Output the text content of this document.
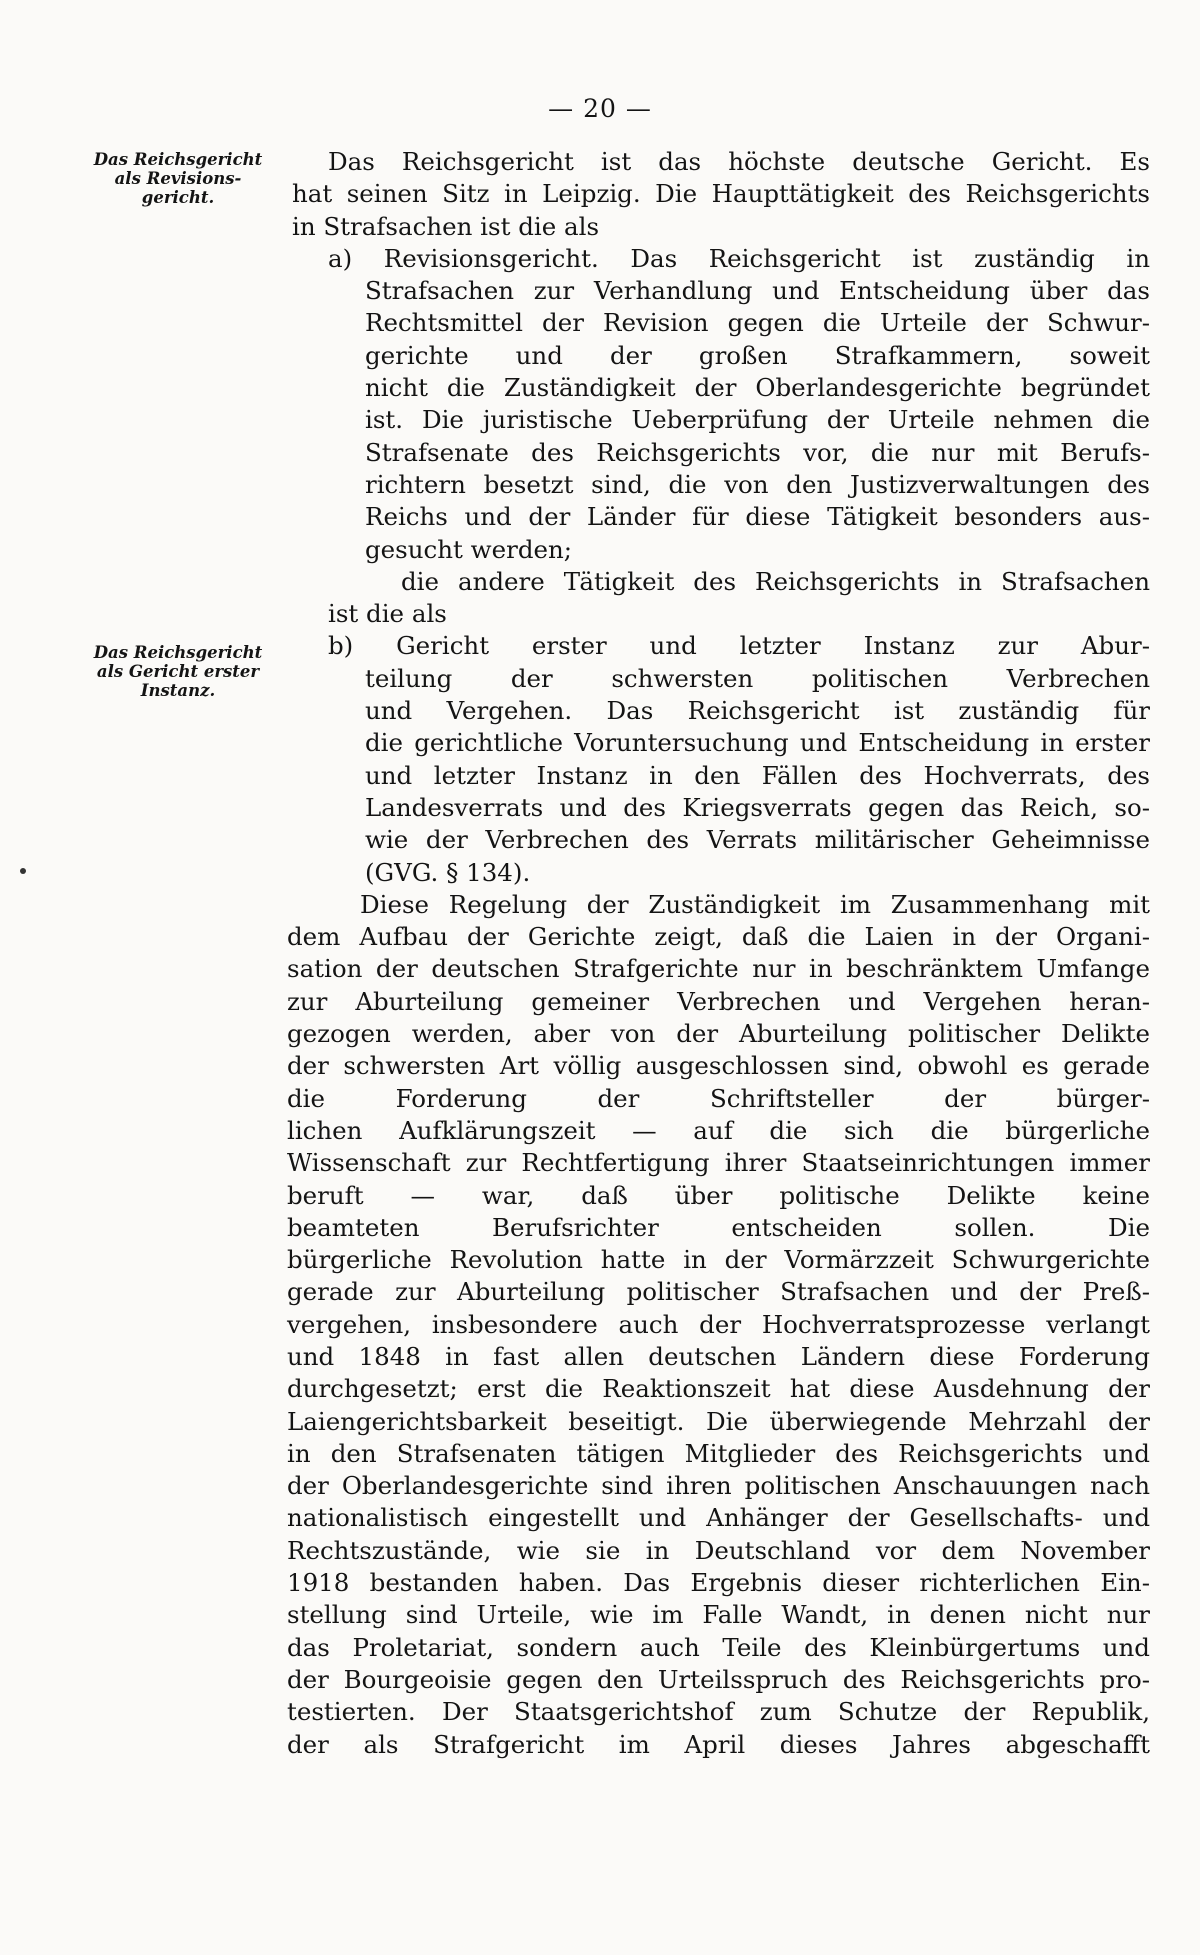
— 20 —
Das Reichsgericht
als Revisions-
gericht.
Das Reichsgericht
als Gericht erster
Instanz.
Das Reichsgericht ist das höchste deutsche Gericht. Es
hat seinen Sitz in Leipzig. Die Haupttätigkeit des Reichsgerichts
in Strafsachen ist die als
a) Revisionsgericht. Das Reichsgericht ist zuständig in
Strafsachen zur Verhandlung und Entscheidung über das
Rechtsmittel der Revision gegen die Urteile der Schwur-
gerichte und der großen Strafkammern, soweit
nicht die Zuständigkeit der Oberlandesgerichte begründet
ist. Die juristische Ueberprüfung der Urteile nehmen die
Strafsenate des Reichsgerichts vor, die nur mit Berufs-
richtern besetzt sind, die von den Justizverwaltungen des
Reichs und der Länder für diese Tätigkeit besonders aus-
gesucht werden;
die andere Tätigkeit des Reichsgerichts in Strafsachen
ist die als
b) Gericht erster und letzter Instanz zur Abur-
teilung der schwersten politischen Verbrechen
und Vergehen. Das Reichsgericht ist zuständig für
die gerichtliche Voruntersuchung und Entscheidung in erster
und letzter Instanz in den Fällen des Hochverrats, des
Landesverrats und des Kriegsverrats gegen das Reich, so-
wie der Verbrechen des Verrats militärischer Geheimnisse
(GVG. § 134).
Diese Regelung der Zuständigkeit im Zusammenhang mit
dem Aufbau der Gerichte zeigt, daß die Laien in der Organi-
sation der deutschen Strafgerichte nur in beschränktem Umfange
zur Aburteilung gemeiner Verbrechen und Vergehen heran-
gezogen werden, aber von der Aburteilung politischer Delikte
der schwersten Art völlig ausgeschlossen sind, obwohl es gerade
die Forderung der Schriftsteller der bürger-
lichen Aufklärungszeit — auf die sich die bürgerliche
Wissenschaft zur Rechtfertigung ihrer Staatseinrichtungen immer
beruft — war, daß über politische Delikte keine
beamteten Berufsrichter entscheiden sollen. Die
bürgerliche Revolution hatte in der Vormärzzeit Schwurgerichte
gerade zur Aburteilung politischer Strafsachen und der Preß-
vergehen, insbesondere auch der Hochverratsprozesse verlangt
und 1848 in fast allen deutschen Ländern diese Forderung
durchgesetzt; erst die Reaktionszeit hat diese Ausdehnung der
Laiengerichtsbarkeit beseitigt. Die überwiegende Mehrzahl der
in den Strafsenaten tätigen Mitglieder des Reichsgerichts und
der Oberlandesgerichte sind ihren politischen Anschauungen nach
nationalistisch eingestellt und Anhänger der Gesellschafts- und
Rechtszustände, wie sie in Deutschland vor dem November
1918 bestanden haben. Das Ergebnis dieser richterlichen Ein-
stellung sind Urteile, wie im Falle Wandt, in denen nicht nur
das Proletariat, sondern auch Teile des Kleinbürgertums und
der Bourgeoisie gegen den Urteilsspruch des Reichsgerichts pro-
testierten. Der Staatsgerichtshof zum Schutze der Republik,
der als Strafgericht im April dieses Jahres abgeschafft
